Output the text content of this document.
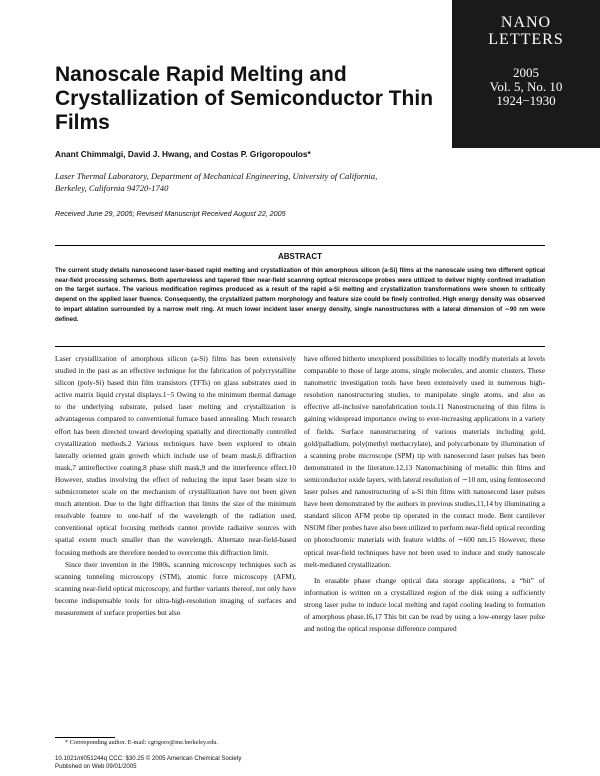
NANO
LETTERS
2005
Vol. 5, No. 10
1924−1930
Nanoscale Rapid Melting and Crystallization of Semiconductor Thin Films
Anant Chimmalgi, David J. Hwang, and Costas P. Grigoropoulos*
Laser Thermal Laboratory, Department of Mechanical Engineering, University of California, Berkeley, California 94720-1740
Received June 29, 2005; Revised Manuscript Received August 22, 2005
ABSTRACT
The current study details nanosecond laser-based rapid melting and crystallization of thin amorphous silicon (a-Si) films at the nanoscale using two different optical near-field processing schemes. Both apertureless and tapered fiber near-field scanning optical microscope probes were utilized to deliver highly confined irradiation on the target surface. The various modification regimes produced as a result of the rapid a-Si melting and crystallization transformations were shown to critically depend on the applied laser fluence. Consequently, the crystallized pattern morphology and feature size could be finely controlled. High energy density was observed to impart ablation surrounded by a narrow melt ring. At much lower incident laser energy density, single nanostructures with a lateral dimension of ∼90 nm were defined.

Laser crystallization of amorphous silicon (a-Si) films has been extensively studied in the past as an effective technique for the fabrication of polycrystalline silicon (poly-Si) based thin film transistors (TFTs) on glass substrates used in active matrix liquid crystal displays.1−5 Owing to the minimum thermal damage to the underlying substrate, pulsed laser melting and crystallization is advantageous compared to conventional furnace based annealing. Much research effort has been directed toward developing spatially and directionally controlled crystallization methods.2 Various techniques have been explored to obtain laterally oriented grain growth which include use of beam mask,6 diffraction mask,7 antireflective coating,8 phase shift mask,9 and the interference effect.10 However, studies involving the effect of reducing the input laser beam size to submicrometer scale on the mechanism of crystallization have not been given much attention. Due to the light diffraction that limits the size of the minimum resolvable feature to one-half of the wavelength of the radiation used, conventional optical focusing methods cannot provide radiative sources with spatial extent much smaller than the wavelength. Alternate near-field-based focusing methods are therefore needed to overcome this diffraction limit.

Since their invention in the 1980s, scanning microscopy techniques such as scanning tunneling microscopy (STM), atomic force microscopy (AFM), scanning near-field optical microscopy, and further variants thereof, not only have become indispensable tools for ultra-high-resolution imaging of surfaces and measurement of surface properties but also

have offered hitherto unexplored possibilities to locally modify materials at levels comparable to those of large atoms, single molecules, and atomic clusters. These nanometric investigation tools have been extensively used in numerous high-resolution nanostructuring studies, to manipulate single atoms, and also as effective all-inclusive nanofabrication tools.11 Nanostructuring of thin films is gaining widespread importance owing to ever-increasing applications in a variety of fields. Surface nanostructuring of various materials including gold, gold/palladium, poly(methyl methacrylate), and polycarbonate by illumination of a scanning probe microscope (SPM) tip with nanosecond laser pulses has been demonstrated in the literature.12,13 Nanomachining of metallic thin films and semiconductor oxide layers, with lateral resolution of ∼10 nm, using femtosecond laser pulses and nanostructuring of a-Si thin films with nanosecond laser pulses have been demonstrated by the authors in previous studies,11,14 by illuminating a standard silicon AFM probe tip operated in the contact mode. Bent cantilever NSOM fiber probes have also been utilized to perform near-field optical recording on photochromic materials with feature widths of ∼600 nm.15 However, these optical near-field techniques have not been used to induce and study nanoscale melt-mediated crystallization.

In erasable phase change optical data storage applications, a “bit” of information is written on a crystallized region of the disk using a sufficiently strong laser pulse to induce local melting and rapid cooling leading to formation of amorphous phase.16,17 This bit can be read by using a low-energy laser pulse and noting the optical response difference compared

* Corresponding author. E-mail: cgrigoro@me.berkeley.edu.
10.1021/nl051244q CCC: $30.25 © 2005 American Chemical Society
Published on Web 09/01/2005
